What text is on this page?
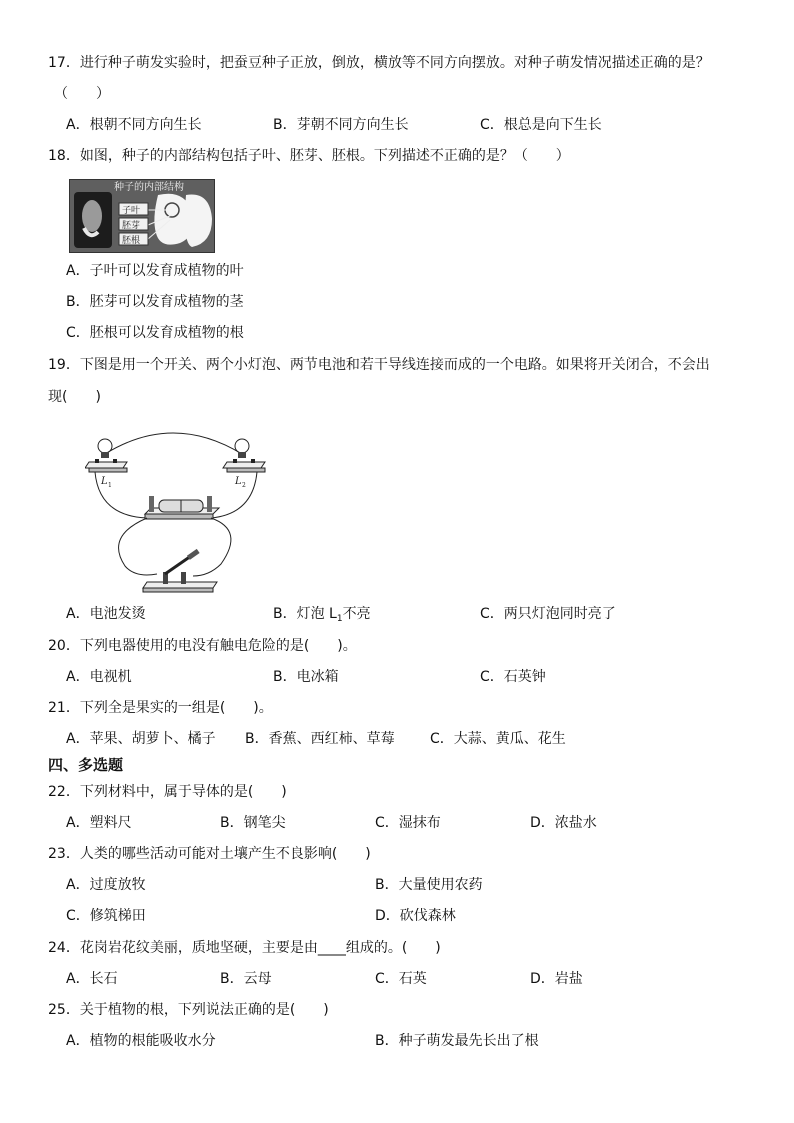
17．进行种子萌发实验时，把蚕豆种子正放，倒放，横放等不同方向摆放。对种子萌发情况描述正确的是？
（　　）
A．根朝不同方向生长	B．芽朝不同方向生长	C．根总是向下生长
18．如图，种子的内部结构包括子叶、胚芽、胚根。下列描述不正确的是？（　　）
种子的内部结构
子叶
胚芽
胚根
A．子叶可以发育成植物的叶
B．胚芽可以发育成植物的茎
C．胚根可以发育成植物的根
19．下图是用一个开关、两个小灯泡、两节电池和若干导线连接而成的一个电路。如果将开关闭合，不会出
现(　　)
L 1	L 2
A．电池发烫	B．灯泡 $L_1$不亮	C．两只灯泡同时亮了
20．下列电器使用的电没有触电危险的是(　　)。
A．电视机	B．电冰箱	C．石英钟
21．下列全是果实的一组是(　　)。
A．苹果、胡萝卜、橘子 B．香蕉、西红柿、草莓	C．大蒜、黄瓜、花生
四、多选题
22．下列材料中，属于导体的是(　　)
A．塑料尺	B．钢笔尖	C．湿抹布	D．浓盐水
23．人类的哪些活动可能对土壤产生不良影响(　　)
A．过度放牧	B．大量使用农药
C．修筑梯田	D．砍伐森林
24．花岗岩花纹美丽，质地坚硬，主要是由____组成的。(　　)
A．长石	B．云母	C．石英	D．岩盐
25．关于植物的根，下列说法正确的是(　　)
A．植物的根能吸收水分	B．种子萌发最先长出了根
